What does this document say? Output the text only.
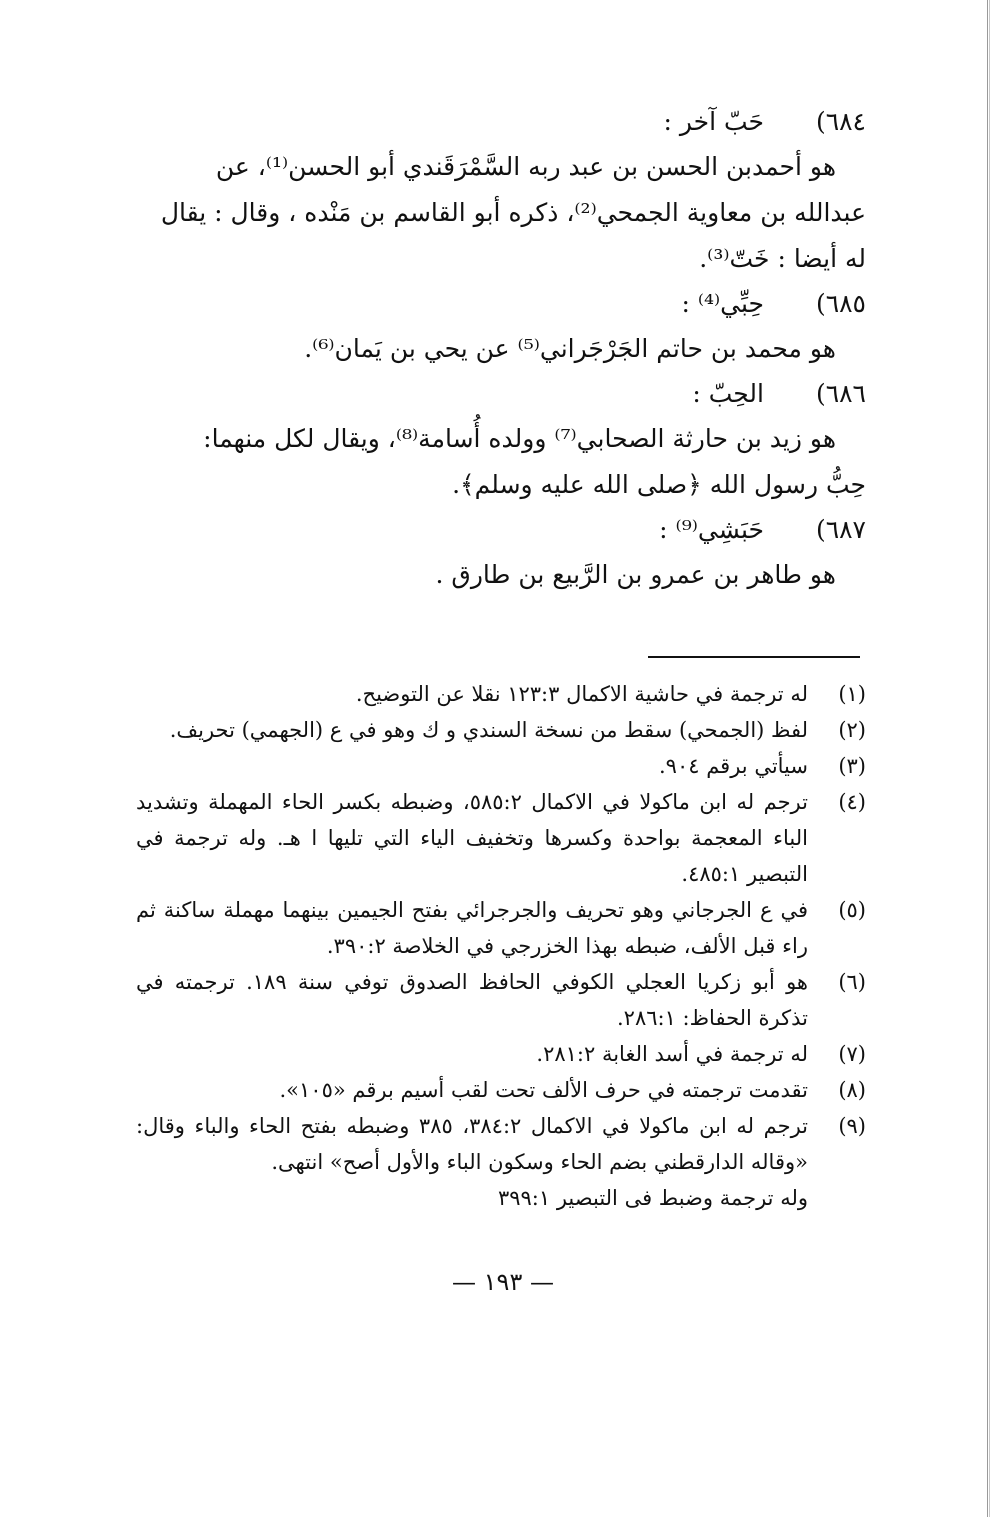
٦٨٤)
حَبّ آخر :

هو أحمدبن الحسن بن عبد ربه السَّمْرَقَندي أبو الحسن⁽¹⁾، عن

عبدالله بن معاوية الجمحي⁽²⁾، ذكره أبو القاسم بن مَنْده ، وقال : يقال

له أيضا : خَتّ⁽³⁾.

٦٨٥)
حِبِّي⁽⁴⁾ :

هو محمد بن حاتم الجَرْجَراني⁽⁵⁾ عن يحي بن يَمان⁽⁶⁾.

٦٨٦)
الحِبّ :

هو زيد بن حارثة الصحابي⁽⁷⁾ وولده أُسامة⁽⁸⁾، ويقال لكل منهما:

حِبُّ رسول الله ﴿صلى الله عليه وسلم﴾.

٦٨٧)
حَبَشِي⁽⁹⁾ :

هو طاهر بن عمرو بن الرَّبيع بن طارق .

(١)
له ترجمة في حاشية الاكمال ١٢٣:٣ نقلا عن التوضيح.
(٢)
لفظ (الجمحي) سقط من نسخة السندي و ك وهو في ع (الجهمي) تحريف.
(٣)
سيأتي برقم ٩٠٤.
(٤)
ترجم له ابن ماكولا في الاكمال ٥٨٥:٢، وضبطه بكسر الحاء المهملة وتشديد الباء المعجمة بواحدة وكسرها وتخفيف الياء التي تليها ا هـ. وله ترجمة في التبصير ٤٨٥:١.
(٥)
في ع الجرجاني وهو تحريف والجرجرائي بفتح الجيمين بينهما مهملة ساكنة ثم راء قبل الألف، ضبطه بهذا الخزرجي في الخلاصة ٣٩٠:٢.
(٦)
هو أبو زكريا العجلي الكوفي الحافظ الصدوق توفي سنة ١٨٩. ترجمته في تذكرة الحفاظ: ٢٨٦:١.
(٧)
له ترجمة في أسد الغابة ٢٨١:٢.
(٨)
تقدمت ترجمته في حرف الألف تحت لقب أسيم برقم «١٠٥».
(٩)
ترجم له ابن ماكولا في الاكمال ٣٨٤:٢، ٣٨٥ وضبطه بفتح الحاء والباء وقال: «وقاله الدارقطني بضم الحاء وسكون الباء والأول أصح» انتهى.
وله ترجمة وضبط فى التبصير ٣٩٩:١
— ١٩٣ —
